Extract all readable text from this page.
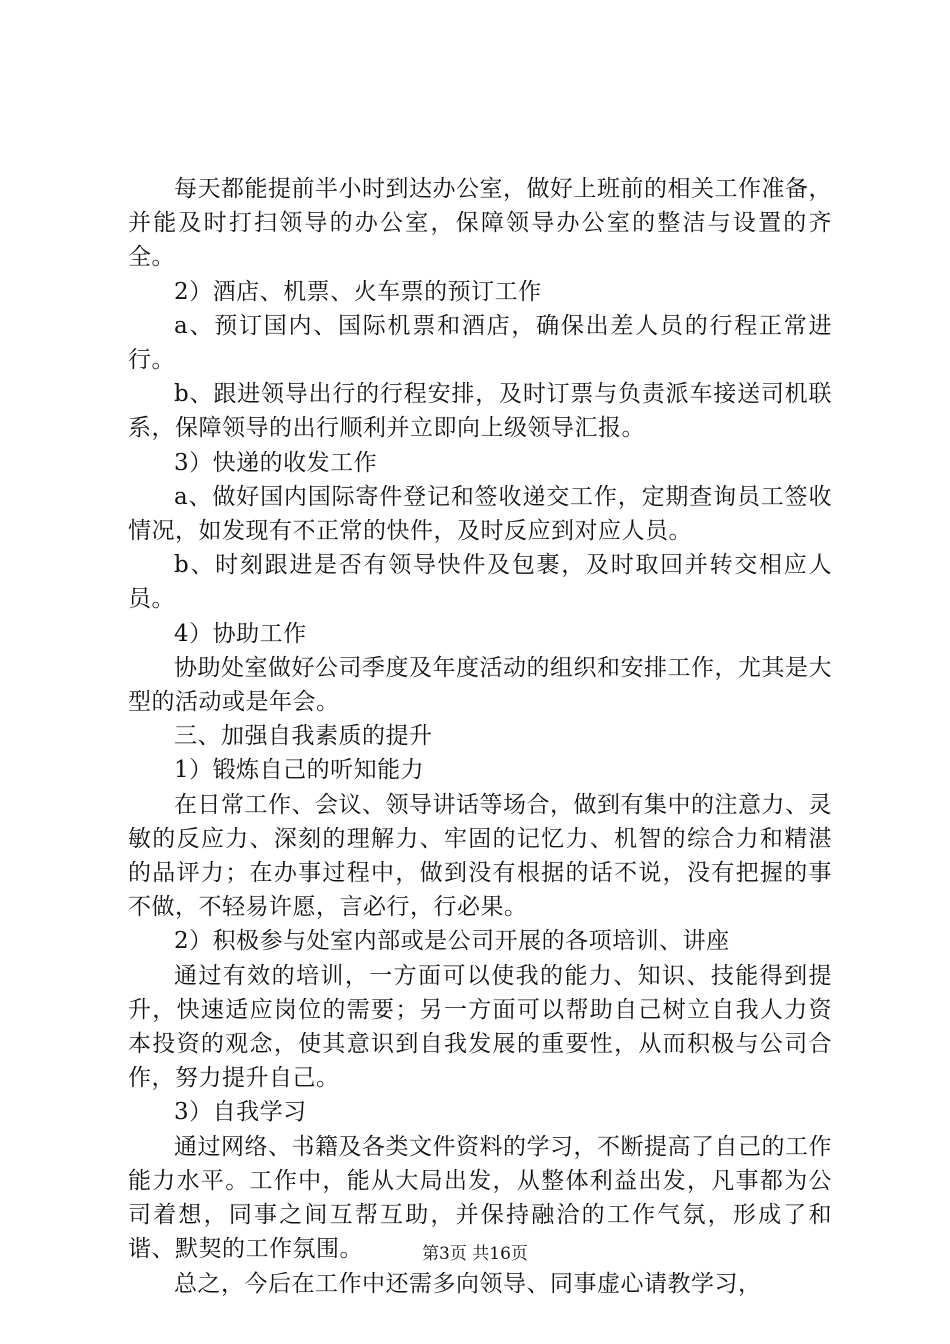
每天都能提前半小时到达办公室，做好上班前的相关工作准备，并能及时打扫领导的办公室，保障领导办公室的整洁与设置的齐全。

2）酒店、机票、火车票的预订工作

a、预订国内、国际机票和酒店，确保出差人员的行程正常进行。

b、跟进领导出行的行程安排，及时订票与负责派车接送司机联系，保障领导的出行顺利并立即向上级领导汇报。

3）快递的收发工作

a、做好国内国际寄件登记和签收递交工作，定期查询员工签收情况，如发现有不正常的快件，及时反应到对应人员。

b、时刻跟进是否有领导快件及包裹，及时取回并转交相应人员。

4）协助工作

协助处室做好公司季度及年度活动的组织和安排工作，尤其是大型的活动或是年会。

三、加强自我素质的提升

1）锻炼自己的听知能力

在日常工作、会议、领导讲话等场合，做到有集中的注意力、灵敏的反应力、深刻的理解力、牢固的记忆力、机智的综合力和精湛的品评力；在办事过程中，做到没有根据的话不说，没有把握的事不做，不轻易许愿，言必行，行必果。

2）积极参与处室内部或是公司开展的各项培训、讲座

通过有效的培训，一方面可以使我的能力、知识、技能得到提升，快速适应岗位的需要；另一方面可以帮助自己树立自我人力资本投资的观念，使其意识到自我发展的重要性，从而积极与公司合作，努力提升自己。

3）自我学习

通过网络、书籍及各类文件资料的学习，不断提高了自己的工作能力水平。工作中，能从大局出发，从整体利益出发，凡事都为公司着想，同事之间互帮互助，并保持融洽的工作气氛，形成了和谐、默契的工作氛围。

总之，今后在工作中还需多向领导、同事虚心请教学习，

第3页 共16页
